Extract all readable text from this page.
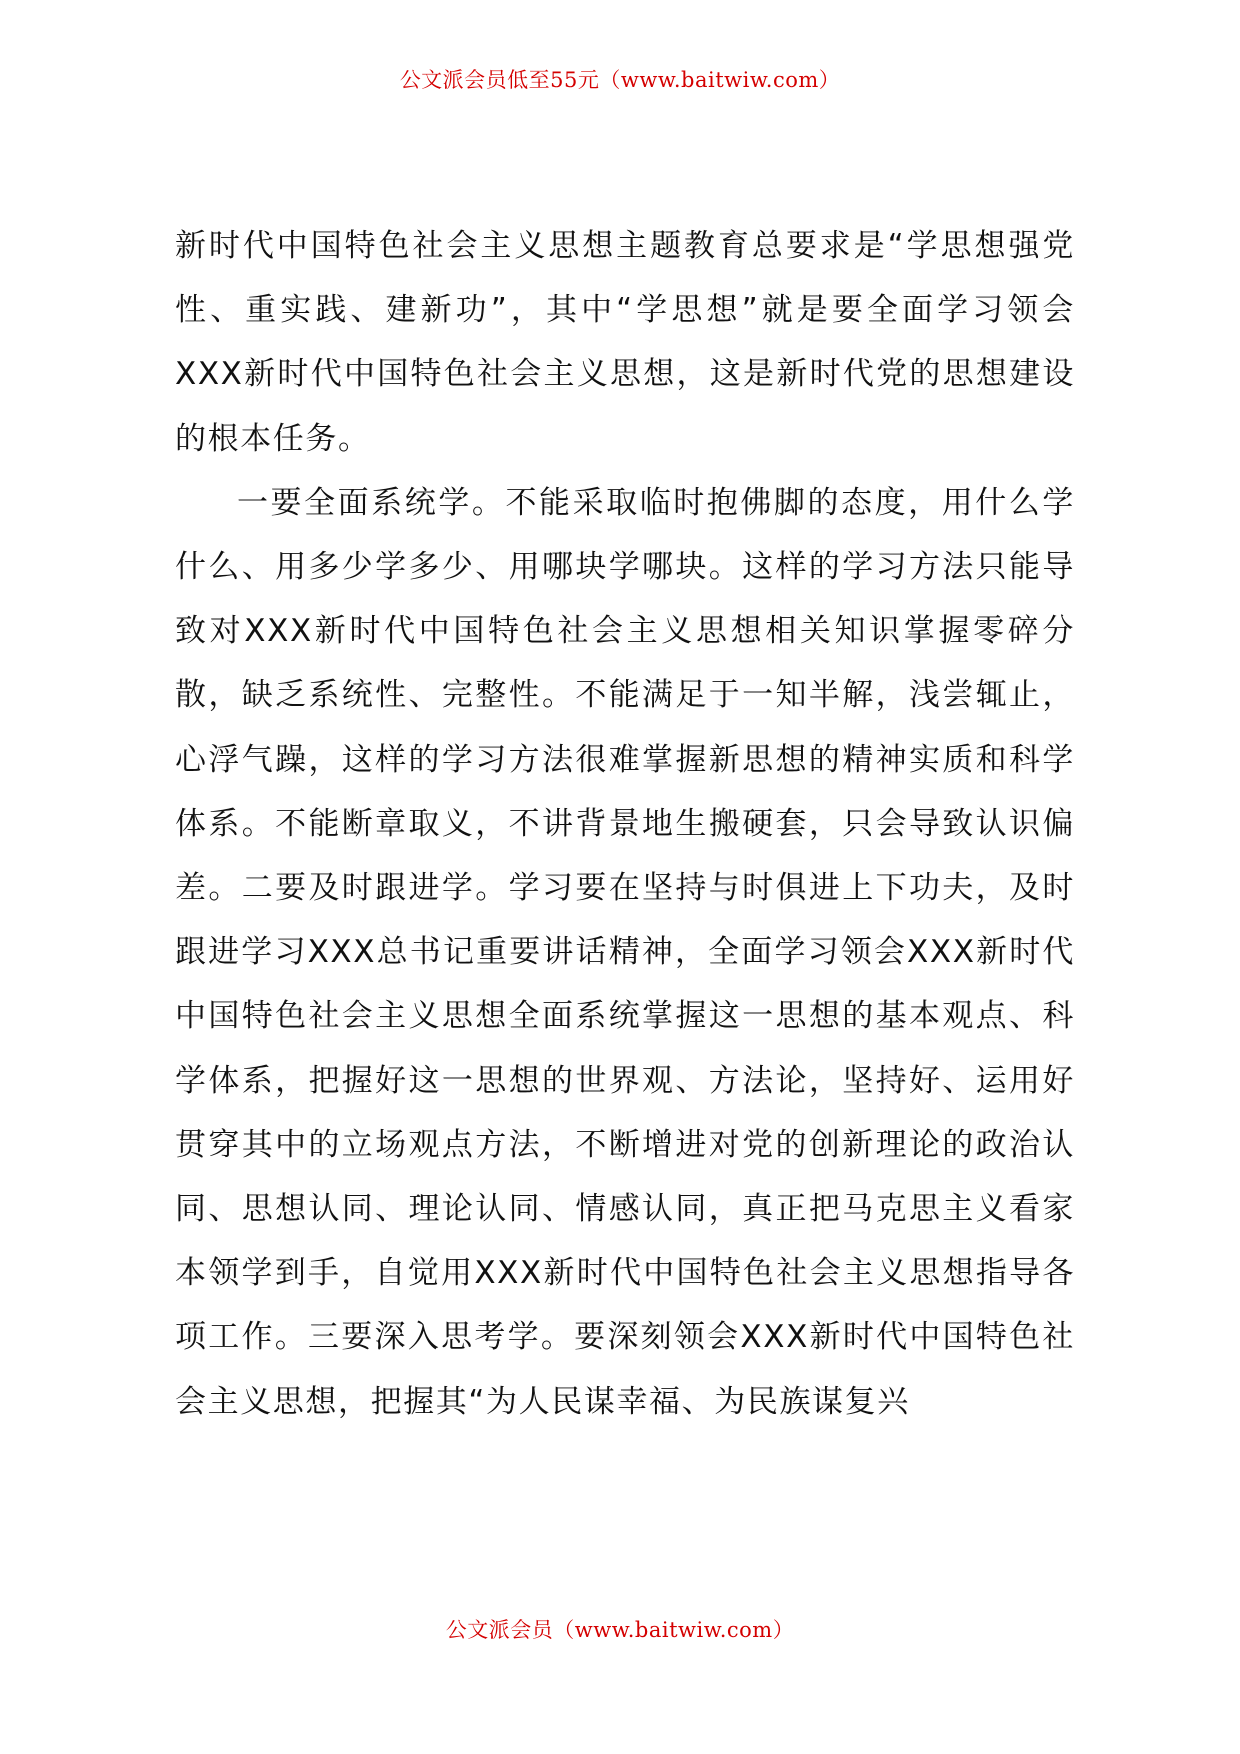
公文派会员低至55元（www.baitwiw.com）

新时代中国特色社会主义思想主题教育总要求是“学思想强党性、重实践、建新功”，其中“学思想”就是要全面学习领会XXX新时代中国特色社会主义思想，这是新时代党的思想建设的根本任务。

一要全面系统学。不能采取临时抱佛脚的态度，用什么学什么、用多少学多少、用哪块学哪块。这样的学习方法只能导致对XXX新时代中国特色社会主义思想相关知识掌握零碎分散，缺乏系统性、完整性。不能满足于一知半解，浅尝辄止，心浮气躁，这样的学习方法很难掌握新思想的精神实质和科学体系。不能断章取义，不讲背景地生搬硬套，只会导致认识偏差。二要及时跟进学。学习要在坚持与时俱进上下功夫，及时跟进学习XXX总书记重要讲话精神，全面学习领会XXX新时代中国特色社会主义思想全面系统掌握这一思想的基本观点、科学体系，把握好这一思想的世界观、方法论，坚持好、运用好贯穿其中的立场观点方法，不断增进对党的创新理论的政治认同、思想认同、理论认同、情感认同，真正把马克思主义看家本领学到手，自觉用XXX新时代中国特色社会主义思想指导各项工作。三要深入思考学。要深刻领会XXX新时代中国特色社会主义思想，把握其“为人民谋幸福、为民族谋复兴

公文派会员（www.baitwiw.com）
